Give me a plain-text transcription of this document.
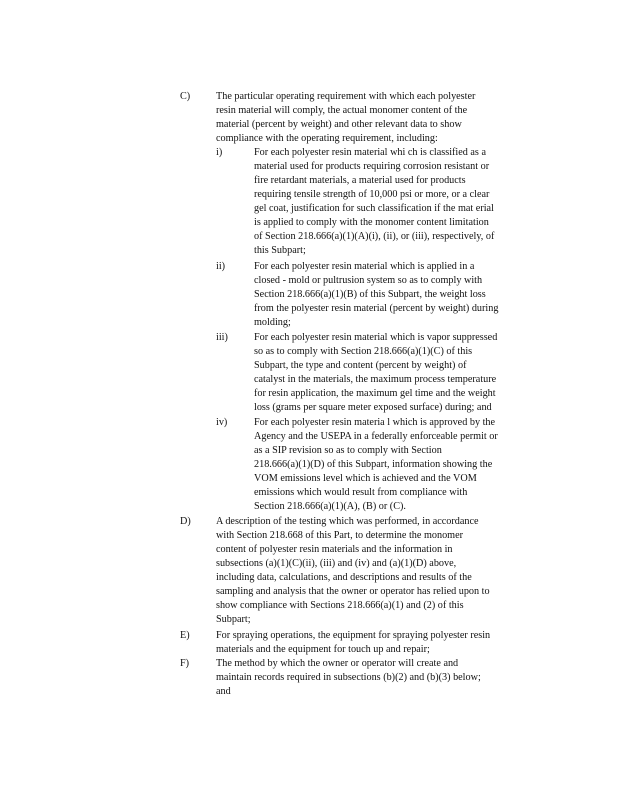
C)	The particular operating requirement with which each polyester
resin material will comply, the actual monomer content of the
material (percent by weight) and other relevant data to show
compliance with the operating requirement, including:
i)	For each polyester resin material whi ch is classified as a
material used for products requiring corrosion resistant or
fire retardant materials, a material used for products
requiring tensile strength of 10,000 psi or more, or a clear
gel coat, justification for such classification if the mat erial
is applied to comply with the monomer content limitation
of Section 218.666(a)(1)(A)(i), (ii), or (iii), respectively, of
this Subpart;
ii)	For each polyester resin material which is applied in a
closed - mold or pultrusion system so as to comply with
Section 218.666(a)(1)(B) of this Subpart, the weight loss
from the polyester resin material (percent by weight) during
molding;
iii)	For each polyester resin material which is vapor suppressed
so as to comply with Section 218.666(a)(1)(C) of this
Subpart, the type and content (percent by weight) of
catalyst in the materials, the maximum process temperature
for resin application, the maximum gel time and the weight
loss (grams per square meter exposed surface) during; and
iv)	For each polyester resin materia l which is approved by the
Agency and the USEPA in a federally enforceable permit or
as a SIP revision so as to comply with Section
218.666(a)(1)(D) of this Subpart, information showing the
VOM emissions level which is achieved and the VOM
emissions which would result from compliance with
Section 218.666(a)(1)(A), (B) or (C).
D) A description of the testing which was performed, in accordance
with Section 218.668 of this Part, to determine the monomer
content of polyester resin materials and the information in
subsections (a)(1)(C)(ii), (iii) and (iv) and (a)(1)(D) above,
including data, calculations, and descriptions and results of the
sampling and analysis that the owner or operator has relied upon to
show compliance with Sections 218.666(a)(1) and (2) of this
Subpart;
E)	For spraying operations, the equipment for spraying polyester resin
materials and the equipment for touch up and repair;
F)	The method by which the owner or operator will create and
maintain records required in subsections (b)(2) and (b)(3) below;
and
